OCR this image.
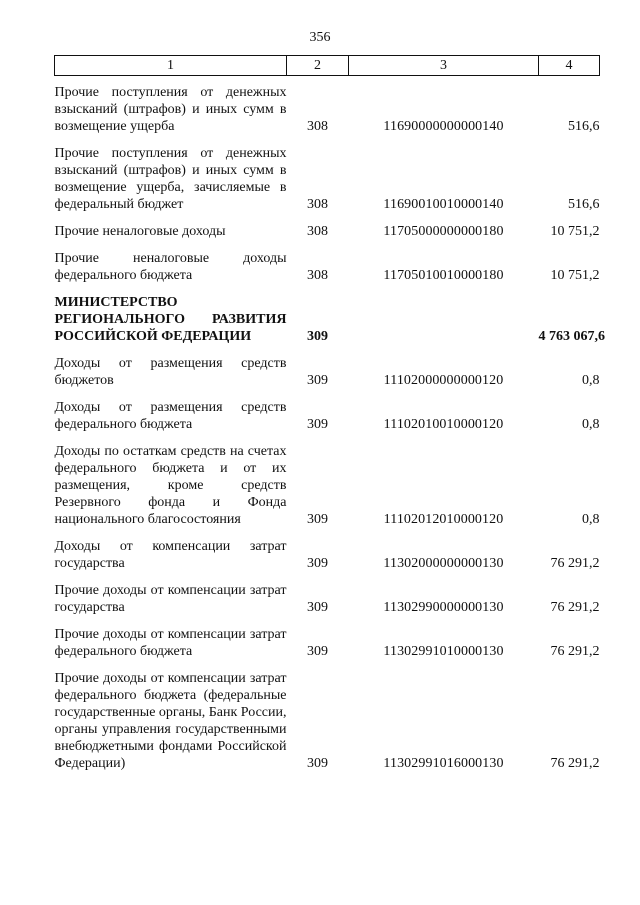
356
1	2	3	4
Прочие поступления от денежных взысканий (штрафов) и иных сумм в возмещение ущерба	308	11690000000000140	516,6
Прочие поступления от денежных взысканий (штрафов) и иных сумм в возмещение ущерба, зачисляемые в федеральный бюджет	308	11690010010000140	516,6
Прочие неналоговые доходы	308	11705000000000180	10 751,2
Прочие неналоговые доходы федерального бюджета	308	11705010010000180	10 751,2
МИНИСТЕРСТВО РЕГИОНАЛЬНОГО РАЗВИТИЯ РОССИЙСКОЙ ФЕДЕРАЦИИ	309		4 763 067,6
Доходы от размещения средств бюджетов	309	11102000000000120	0,8
Доходы от размещения средств федерального бюджета	309	11102010010000120	0,8
Доходы по остаткам средств на счетах федерального бюджета и от их размещения, кроме средств Резервного фонда и Фонда национального благосостояния	309	11102012010000120	0,8
Доходы от компенсации затрат государства	309	11302000000000130	76 291,2
Прочие доходы от компенсации затрат государства	309	11302990000000130	76 291,2
Прочие доходы от компенсации затрат федерального бюджета	309	11302991010000130	76 291,2
Прочие доходы от компенсации затрат федерального бюджета (федеральные государственные органы, Банк России, органы управления государственными внебюджетными фондами Российской Федерации)	309	11302991016000130	76 291,2
